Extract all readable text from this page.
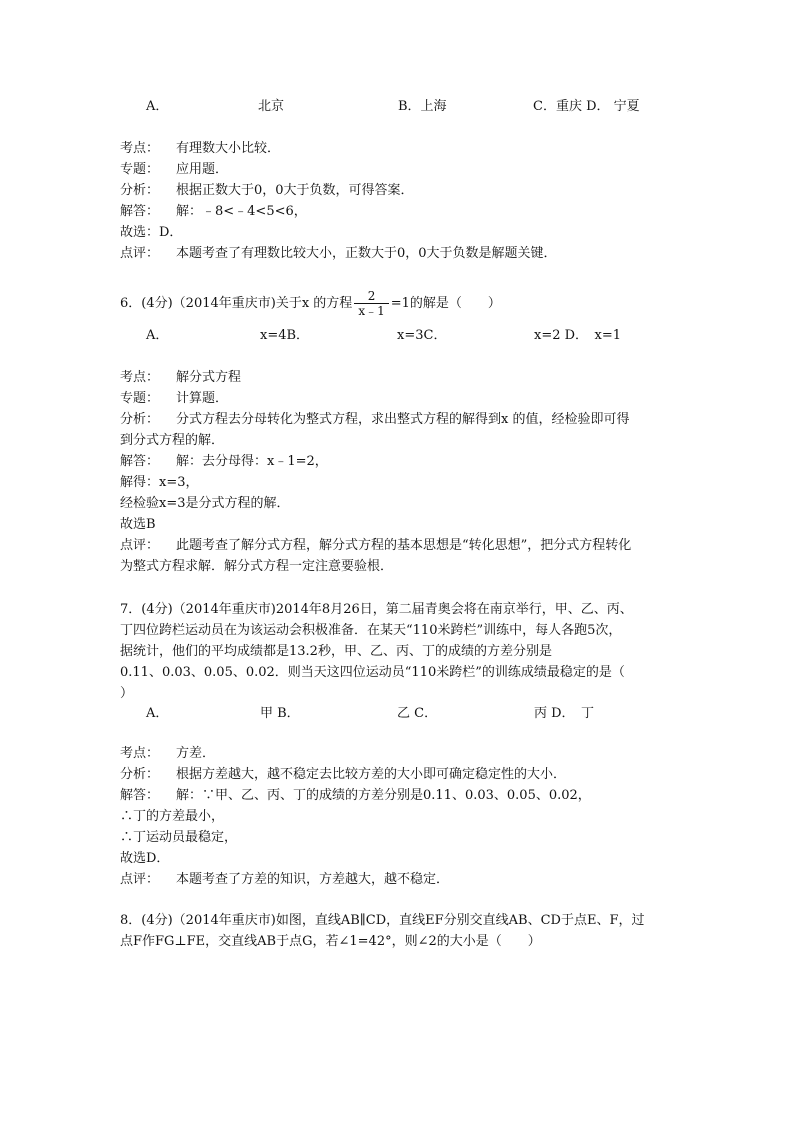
A．	北京	B．上海	C．重庆 D． 宁夏
考点： 有理数大小比较．
专题： 应用题．
分析： 根据正数大于0，0大于负数，可得答案．
解答： 解：﹣8<﹣4<5<6，
故选：D．
点评： 本题考查了有理数比较大小，正数大于0，0大于负数是解题关键．
6．(4分)（2014年重庆市)关于x 的方程 $\frac{2}{x﹣1} =1$的解是（　　）
A．	x=4B．	x=3C．	x=2 D．　x=1
考点： 解分式方程
专题： 计算题．
分析： 分式方程去分母转化为整式方程，求出整式方程的解得到x 的值，经检验即可得
到分式方程的解．
解答： 解：去分母得：x﹣1=2，
解得：x=3，
经检验x=3是分式方程的解．
故选B
点评： 此题考查了解分式方程，解分式方程的基本思想是“转化思想”，把分式方程转化
为整式方程求解．解分式方程一定注意要验根．
7．(4分)（2014年重庆市)2014年8月26日，第二届青奥会将在南京举行，甲、乙、丙、
丁四位跨栏运动员在为该运动会积极准备．在某天“110米跨栏”训练中，每人各跑5次，
据统计，他们的平均成绩都是13.2秒，甲、乙、丙、丁的成绩的方差分别是
0.11、0.03、0.05、0.02．则当天这四位运动员“110米跨栏”的训练成绩最稳定的是（
）
A．	甲 B．	乙 C．	丙 D．　丁
考点： 方差．
分析： 根据方差越大，越不稳定去比较方差的大小即可确定稳定性的大小．
解答： 解：∵甲、乙、丙、丁的成绩的方差分别是0.11、0.03、0.05、0.02，
∴丁的方差最小，
∴丁运动员最稳定，
故选D．
点评： 本题考查了方差的知识，方差越大，越不稳定．
8．(4分)（2014年重庆市)如图，直线AB∥CD，直线EF分别交直线AB、CD于点E、F，过
点F作FG⊥FE，交直线AB于点G，若∠1=42°，则∠2的大小是（　　）
